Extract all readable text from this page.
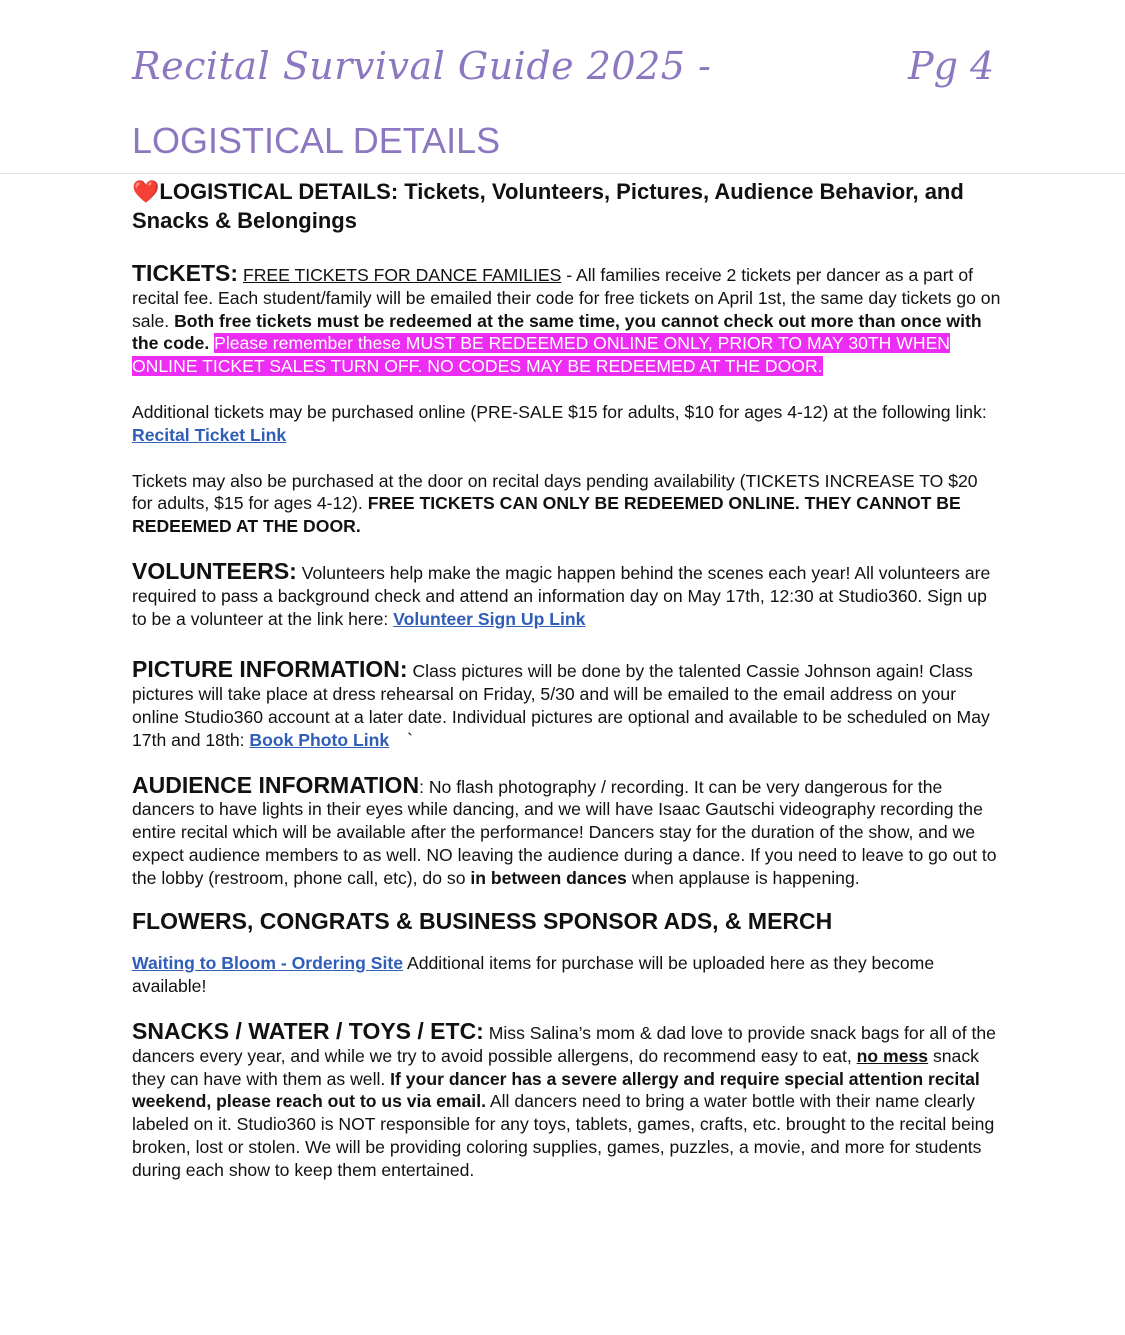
Recital Survival Guide 2025 -	Pg 4
LOGISTICAL DETAILS

❤️LOGISTICAL DETAILS: Tickets, Volunteers, Pictures, Audience Behavior, and Snacks & Belongings

TICKETS: FREE TICKETS FOR DANCE FAMILIES - All families receive 2 tickets per dancer as a part of recital fee. Each student/family will be emailed their code for free tickets on April 1st, the same day tickets go on sale. Both free tickets must be redeemed at the same time, you cannot check out more than once with the code. Please remember these MUST BE REDEEMED ONLINE ONLY, PRIOR TO MAY 30TH WHEN ONLINE TICKET SALES TURN OFF. NO CODES MAY BE REDEEMED AT THE DOOR.

Additional tickets may be purchased online (PRE-SALE $15 for adults, $10 for ages 4-12) at the following link: Recital Ticket Link

Tickets may also be purchased at the door on recital days pending availability (TICKETS INCREASE TO $20 for adults, $15 for ages 4-12). FREE TICKETS CAN ONLY BE REDEEMED ONLINE. THEY CANNOT BE REDEEMED AT THE DOOR.

VOLUNTEERS: Volunteers help make the magic happen behind the scenes each year! All volunteers are required to pass a background check and attend an information day on May 17th, 12:30 at Studio360. Sign up to be a volunteer at the link here: Volunteer Sign Up Link

PICTURE INFORMATION: Class pictures will be done by the talented Cassie Johnson again! Class pictures will take place at dress rehearsal on Friday, 5/30 and will be emailed to the email address on your online Studio360 account at a later date. Individual pictures are optional and available to be scheduled on May 17th and 18th: Book Photo Link `

AUDIENCE INFORMATION: No flash photography / recording. It can be very dangerous for the dancers to have lights in their eyes while dancing, and we will have Isaac Gautschi videography recording the entire recital which will be available after the performance! Dancers stay for the duration of the show, and we expect audience members to as well. NO leaving the audience during a dance. If you need to leave to go out to the lobby (restroom, phone call, etc), do so in between dances when applause is happening.

FLOWERS, CONGRATS & BUSINESS SPONSOR ADS, & MERCH

Waiting to Bloom - Ordering Site Additional items for purchase will be uploaded here as they become available!

SNACKS / WATER / TOYS / ETC: Miss Salina’s mom & dad love to provide snack bags for all of the dancers every year, and while we try to avoid possible allergens, do recommend easy to eat, no mess snack they can have with them as well. If your dancer has a severe allergy and require special attention recital weekend, please reach out to us via email. All dancers need to bring a water bottle with their name clearly labeled on it. Studio360 is NOT responsible for any toys, tablets, games, crafts, etc. brought to the recital being broken, lost or stolen. We will be providing coloring supplies, games, puzzles, a movie, and more for students during each show to keep them entertained.
